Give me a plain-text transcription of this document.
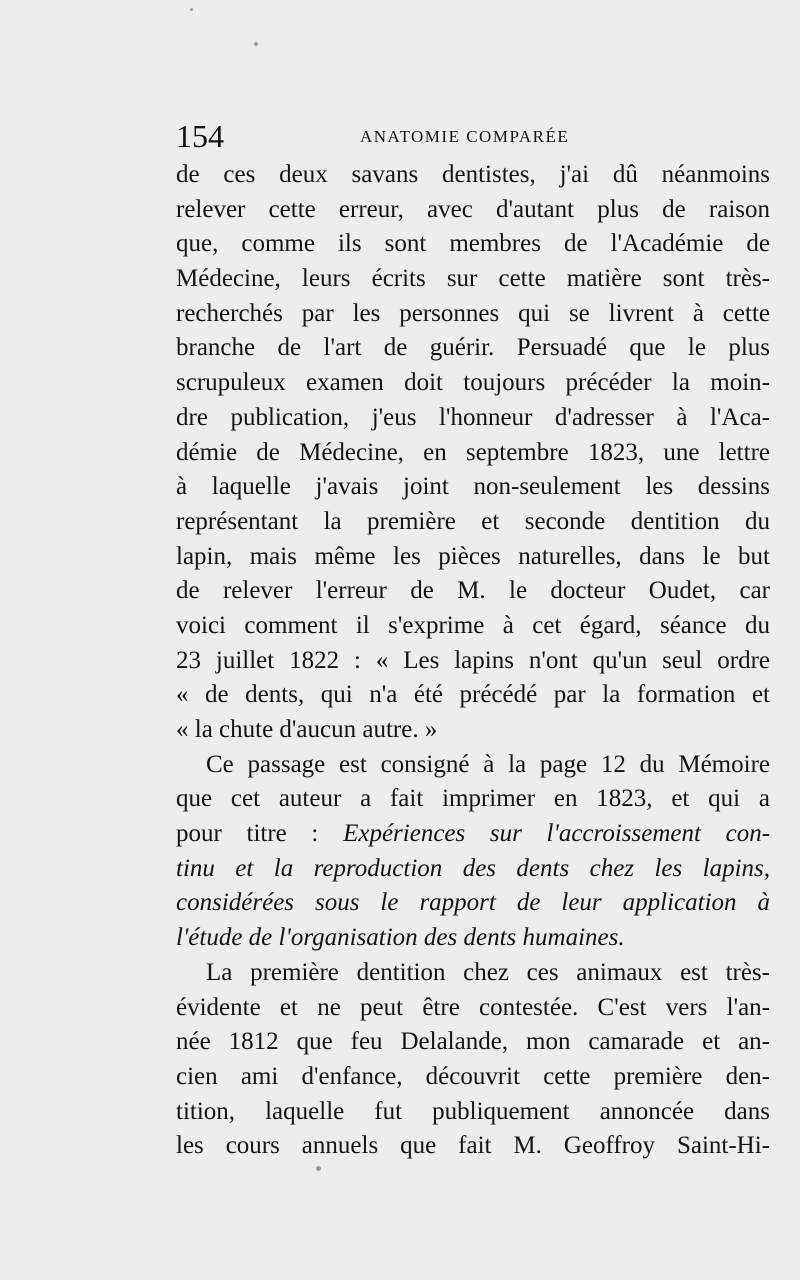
154	ANATOMIE COMPARÉE
de ces deux savans dentistes, j'ai dû néanmoins
relever cette erreur, avec d'autant plus de raison
que, comme ils sont membres de l'Académie de
Médecine, leurs écrits sur cette matière sont très-
recherchés par les personnes qui se livrent à cette
branche de l'art de guérir. Persuadé que le plus
scrupuleux examen doit toujours précéder la moin-
dre publication, j'eus l'honneur d'adresser à l'Aca-
démie de Médecine, en septembre 1823, une lettre
à laquelle j'avais joint non-seulement les dessins
représentant la première et seconde dentition du
lapin, mais même les pièces naturelles, dans le but
de relever l'erreur de M. le docteur Oudet, car
voici comment il s'exprime à cet égard, séance du
23 juillet 1822 : « Les lapins n'ont qu'un seul ordre
« de dents, qui n'a été précédé par la formation et
« la chute d'aucun autre. »
Ce passage est consigné à la page 12 du Mémoire
que cet auteur a fait imprimer en 1823, et qui a
pour titre : Expériences sur l'accroissement con-
tinu et la reproduction des dents chez les lapins,
considérées sous le rapport de leur application à
l'étude de l'organisation des dents humaines.
La première dentition chez ces animaux est très-
évidente et ne peut être contestée. C'est vers l'an-
née 1812 que feu Delalande, mon camarade et an-
cien ami d'enfance, découvrit cette première den-
tition, laquelle fut publiquement annoncée dans
les cours annuels que fait M. Geoffroy Saint-Hi-
